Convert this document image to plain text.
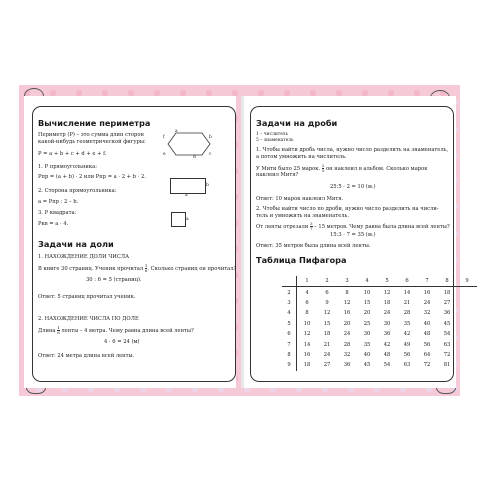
Вычисление периметра
Периметр (Р) – это сумма длин сторон
какой-нибудь геометрической фигуры:
P = a + b + c + d + e + f.
a
b
c
d
e
f
1. Р прямоугольника:
Pпр = (a + b) · 2 или Pпр = a · 2 + b · 2.
a
b
2. Сторона прямоугольника:
a = Pпр : 2 – b.
3. Р квадрата:
Pкв = a · 4.
a
Задачи на доли
1. НАХОЖДЕНИЕ ДОЛИ ЧИСЛА
В книге 30 страниц. Ученик прочитал $\frac{1}{6}$. Сколько страниц он прочитал?
30 : 6 = 5 (страниц).
Ответ: 5 страниц прочитал ученик.
2. НАХОЖДЕНИЕ ЧИСЛА ПО ДОЛЕ
Длина $\frac{1}{6}$ ленты – 4 метра. Чему равна длина всей ленты?
4 · 6 = 24 (м)
Ответ: 24 метра длина всей ленты.
Задачи на дроби
1 – числитель
5 – знаменатель
1. Чтобы найти дробь числа, нужно число разделить на знаменатель,
а потом умножить на числитель.
У Мити было 25 марок. $\frac{2}{5}$ он наклеил в альбом. Сколько марок
наклеил Митя?
25:5 · 2 = 10 (м.)
Ответ: 10 марок наклеил Митя.
2. Чтобы найти число по дроби, нужно число разделить на числи-
тель и умножить на знаменатель.
От ленты отрезали $\frac{3}{7} - 15$ метров. Чему равна была длина всей ленты?
15:3 · 7 = 35 (м.)
Ответ: 35 метров была длина всей ленты.
Таблица Пифагора
	1	2	3	4	5	6	7	8	9
2	4	6	8	10	12	14	16	18	
3	6	9	12	15	18	21	24	27	
4	8	12	16	20	24	28	32	36	
5	10	15	20	25	30	35	40	45	
6	12	18	24	30	36	42	48	54	
7	14	21	28	35	42	49	56	63	
8	16	24	32	40	48	56	64	72	
9	18	27	36	45	54	63	72	81	
